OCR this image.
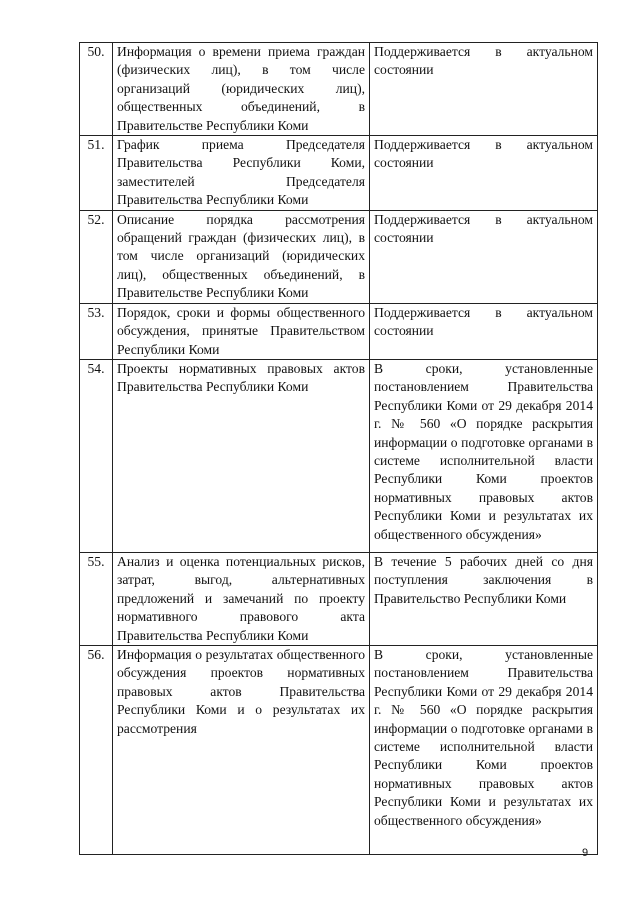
50.	Информация о времени приема граждан (физических лиц), в том числе организаций (юридических лиц), общественных объединений, в Правительстве Республики Коми	Поддерживается в актуальном состоянии
51.	График приема Председателя Правительства Республики Коми, заместителей Председателя Правительства Республики Коми	Поддерживается в актуальном состоянии
52.	Описание порядка рассмотрения обращений граждан (физических лиц), в том числе организаций (юридических лиц), общественных объединений, в Правительстве Республики Коми	Поддерживается в актуальном состоянии
53.	Порядок, сроки и формы общественного обсуждения, принятые Правительством Республики Коми	Поддерживается в актуальном состоянии
54.	Проекты нормативных правовых актов Правительства Республики Коми	В сроки, установленные постановлением Правительства Республики Коми от 29 декабря 2014 г. № 560 «О порядке раскрытия информации о подготовке органами в системе исполнительной власти Республики Коми проектов нормативных правовых актов Республики Коми и результатах их общественного обсуждения»
55.	Анализ и оценка потенциальных рисков, затрат, выгод, альтернативных предложений и замечаний по проекту нормативного правового акта Правительства Республики Коми	В течение 5 рабочих дней со дня поступления заключения в Правительство Республики Коми
56.	Информация о результатах общественного обсуждения проектов нормативных правовых актов Правительства Республики Коми и о результатах их рассмотрения	В сроки, установленные постановлением Правительства Республики Коми от 29 декабря 2014 г. № 560 «О порядке раскрытия информации о подготовке органами в системе исполнительной власти Республики Коми проектов нормативных правовых актов Республики Коми и результатах их общественного обсуждения»
9
